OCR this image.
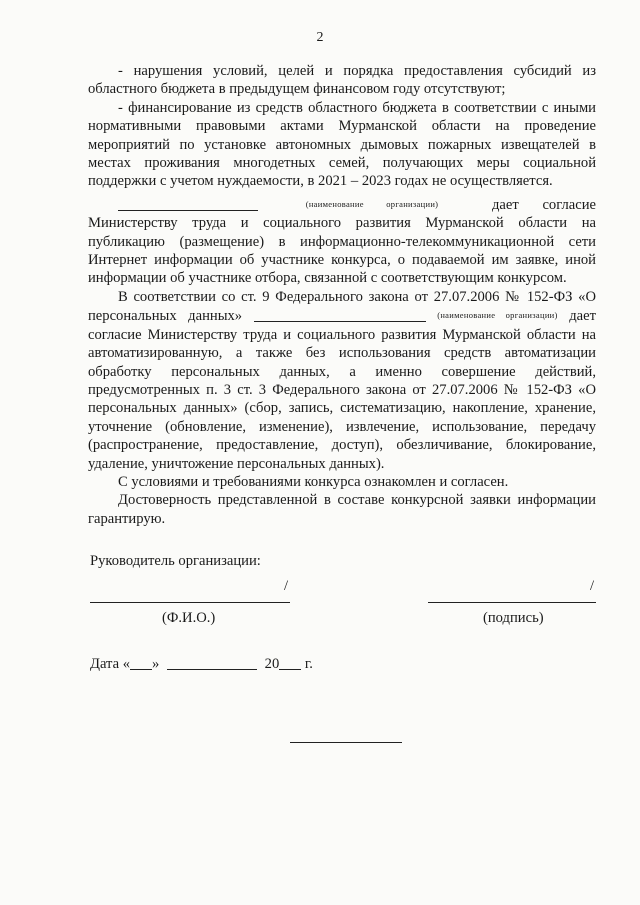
2

- нарушения условий, целей и порядка предоставления субсидий из областного бюджета в предыдущем финансовом году отсутствуют;

- финансирование из средств областного бюджета в соответствии с иными нормативными правовыми актами Мурманской области на проведение мероприятий по установке автономных дымовых пожарных извещателей в местах проживания многодетных семей, получающих меры социальной поддержки с учетом нуждаемости, в 2021 – 2023 годах не осуществляется.

(наименование организации)	дает согласие Министерству труда и социального развития Мурманской области на публикацию (размещение) в информационно-телекоммуникационной сети Интернет информации об участнике конкурса, о подаваемой им заявке, иной информации об участнике отбора, связанной с соответствующим конкурсом.

В соответствии со ст. 9 Федерального закона от 27.07.2006 № 152-ФЗ «О персональных данных»	(наименование организации) дает согласие Министерству труда и социального развития Мурманской области на автоматизированную, а также без использования средств автоматизации обработку персональных данных, а именно совершение действий, предусмотренных п. 3 ст. 3 Федерального закона от 27.07.2006 № 152-ФЗ «О персональных данных» (сбор, запись, систематизацию, накопление, хранение, уточнение (обновление, изменение), извлечение, использование, передачу (распространение, предоставление, доступ), обезличивание, блокирование, удаление, уничтожение персональных данных).

С условиями и требованиями конкурса ознакомлен и согласен.

Достоверность представленной в составе конкурсной заявки информации гарантирую.

Руководитель организации:
/	/
(Ф.И.О.)	(подпись)
Дата « »	20 г.
